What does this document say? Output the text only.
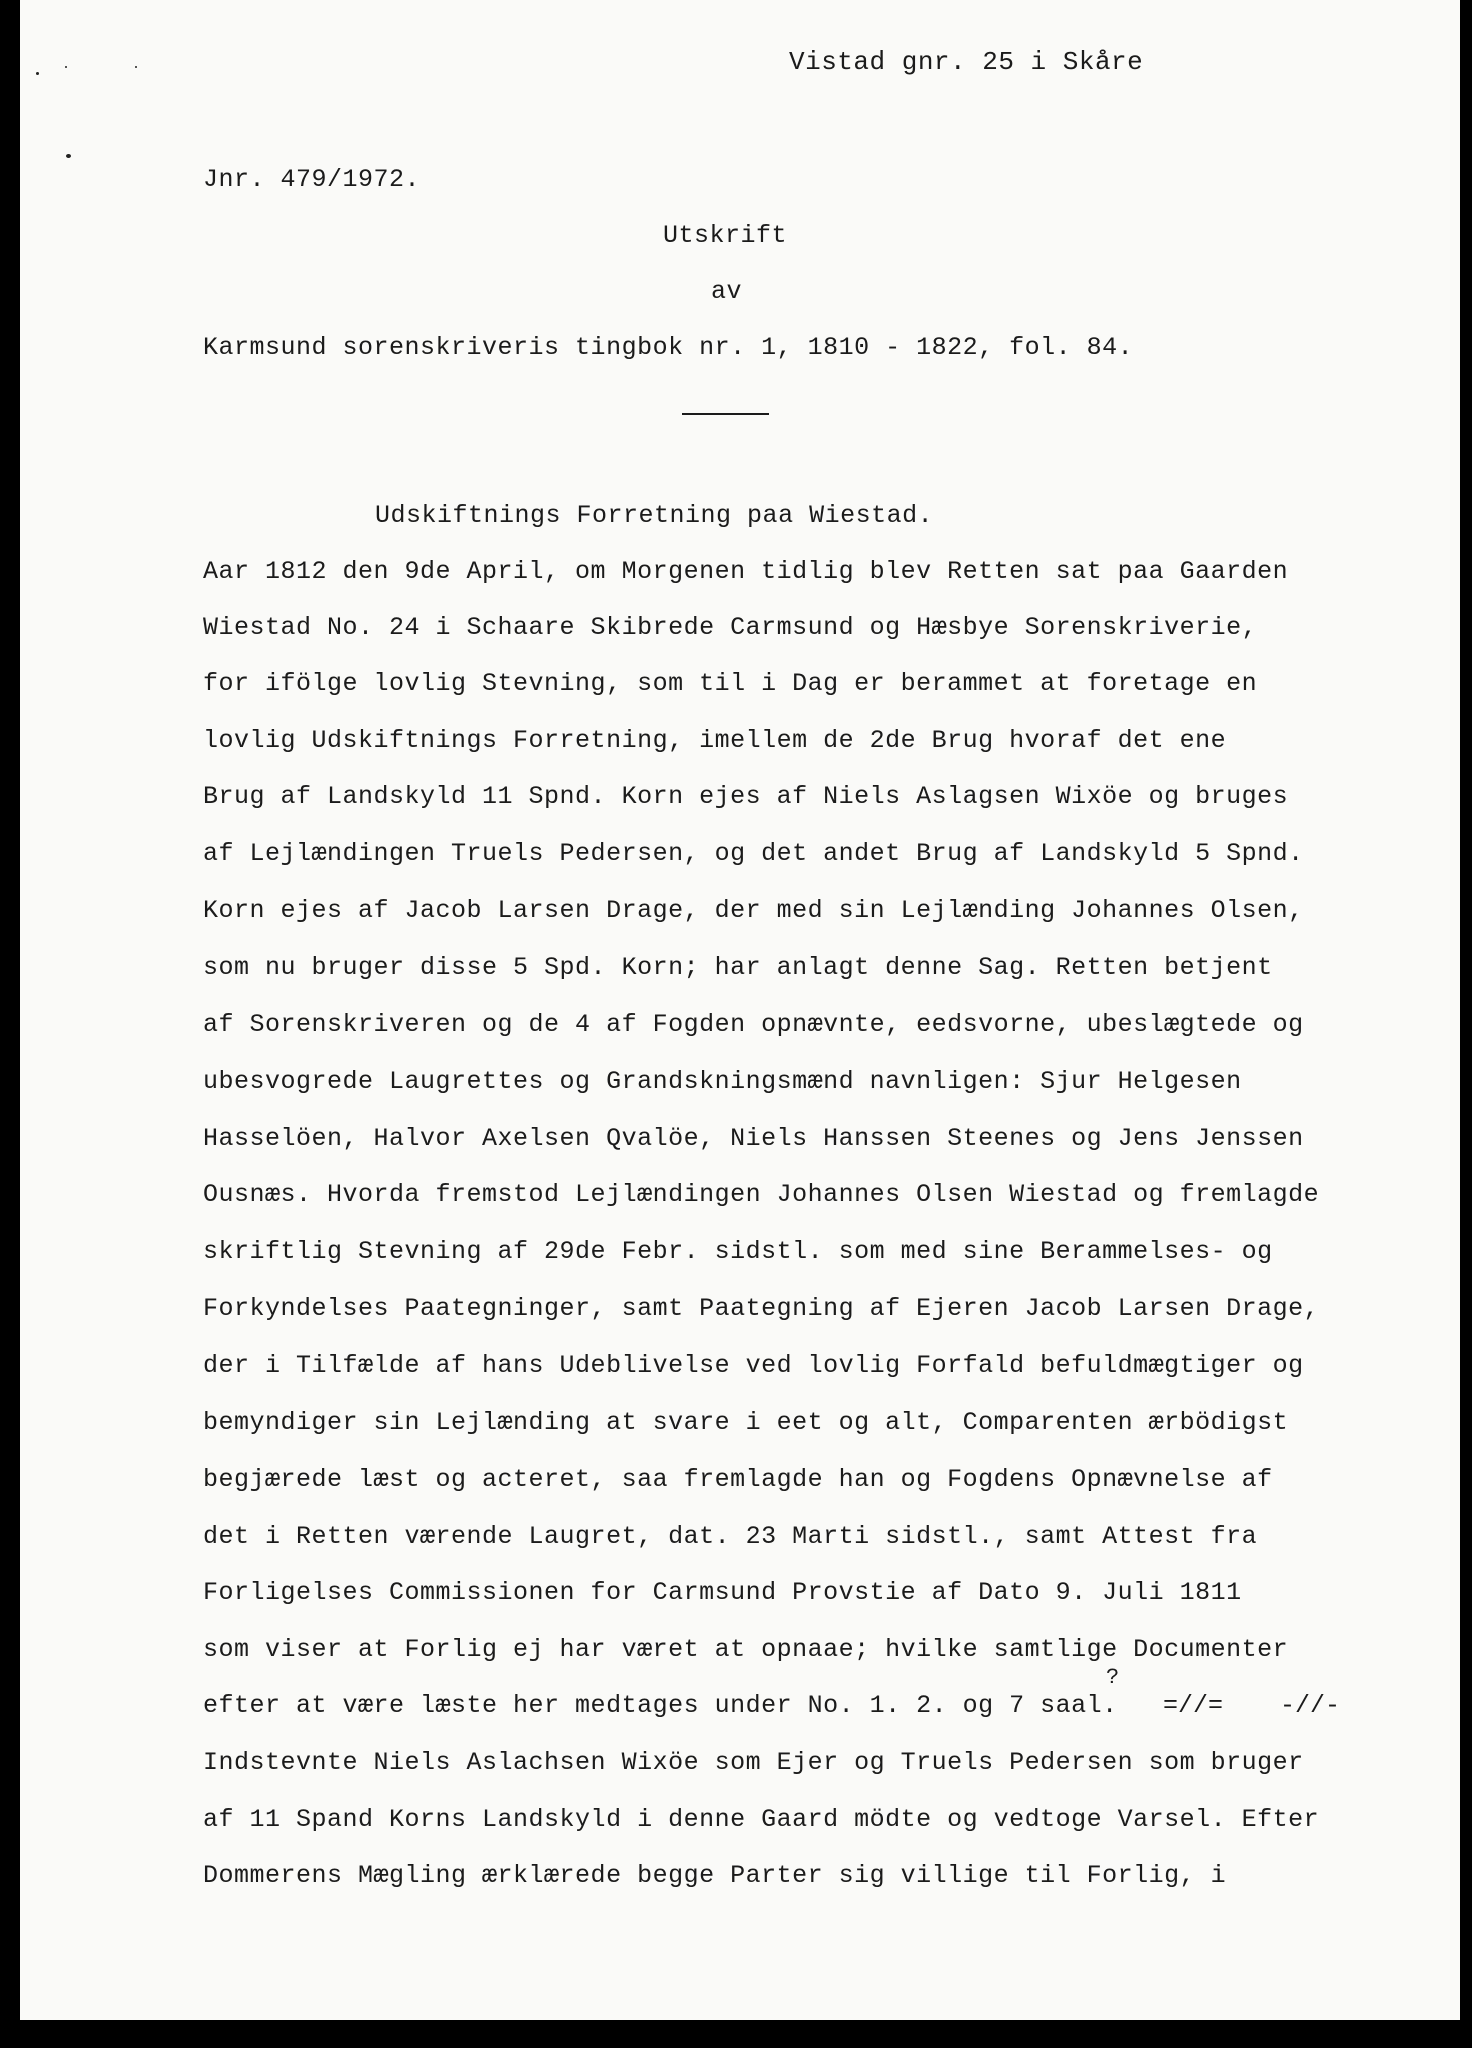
Vistad gnr. 25 i Skåre

Jnr. 479/1972.

Utskrift

av

Karmsund sorenskriveris tingbok nr. 1, 1810 - 1822, fol. 84.

Udskiftnings Forretning paa Wiestad.

Aar 1812 den 9de April, om Morgenen tidlig blev Retten sat paa Gaarden

Wiestad No. 24 i Schaare Skibrede Carmsund og Hæsbye Sorenskriverie,

for ifölge lovlig Stevning, som til i Dag er berammet at foretage en

lovlig Udskiftnings Forretning, imellem de 2de Brug hvoraf det ene

Brug af Landskyld 11 Spnd. Korn ejes af Niels Aslagsen Wixöe og bruges

af Lejlændingen Truels Pedersen, og det andet Brug af Landskyld 5 Spnd.

Korn ejes af Jacob Larsen Drage, der med sin Lejlænding Johannes Olsen,

som nu bruger disse 5 Spd. Korn; har anlagt denne Sag. Retten betjent

af Sorenskriveren og de 4 af Fogden opnævnte, eedsvorne, ubeslægtede og

ubesvogrede Laugrettes og Grandskningsmænd navnligen: Sjur Helgesen

Hasselöen, Halvor Axelsen Qvalöe, Niels Hanssen Steenes og Jens Jenssen

Ousnæs. Hvorda fremstod Lejlændingen Johannes Olsen Wiestad og fremlagde

skriftlig Stevning af 29de Febr. sidstl. som med sine Berammelses- og

Forkyndelses Paategninger, samt Paategning af Ejeren Jacob Larsen Drage,

der i Tilfælde af hans Udeblivelse ved lovlig Forfald befuldmægtiger og

bemyndiger sin Lejlænding at svare i eet og alt, Comparenten ærbödigst

begjærede læst og acteret, saa fremlagde han og Fogdens Opnævnelse af

det i Retten værende Laugret, dat. 23 Marti sidstl., samt Attest fra

Forligelses Commissionen for Carmsund Provstie af Dato 9. Juli 1811

som viser at Forlig ej har været at opnaae; hvilke samtlige Documenter

efter at være læste her medtages under No. 1. 2. og 7 saal.

Indstevnte Niels Aslachsen Wixöe som Ejer og Truels Pedersen som bruger

af 11 Spand Korns Landskyld i denne Gaard mödte og vedtoge Varsel. Efter

Dommerens Mægling ærklærede begge Parter sig villige til Forlig, i

?
=//= -//-
